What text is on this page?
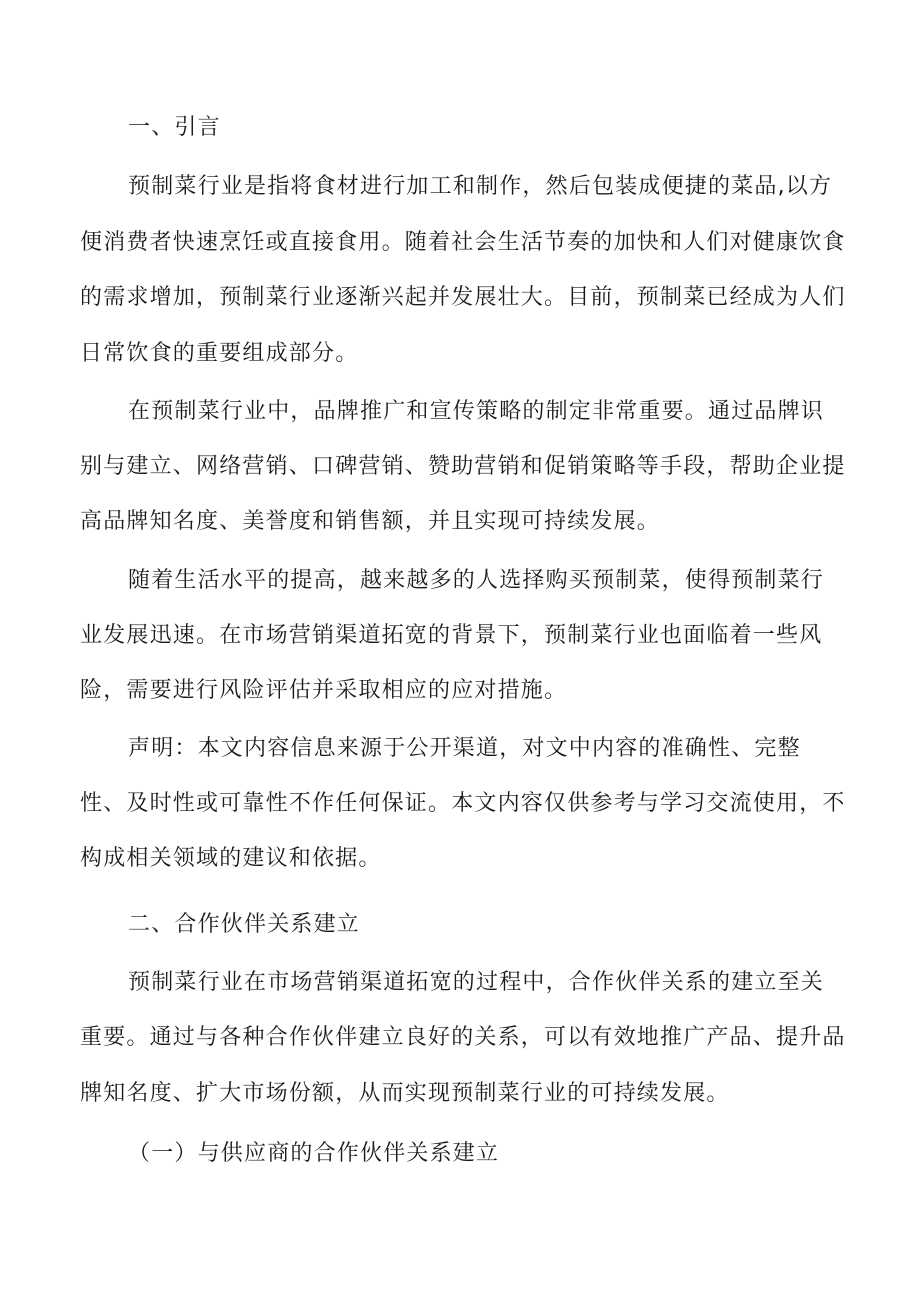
一、引言
预制菜行业是指将食材进行加工和制作，然后包装成便捷的菜品,以方
便消费者快速烹饪或直接食用。随着社会生活节奏的加快和人们对健康饮食
的需求增加，预制菜行业逐渐兴起并发展壮大。目前，预制菜已经成为人们
日常饮食的重要组成部分。
在预制菜行业中，品牌推广和宣传策略的制定非常重要。通过品牌识
别与建立、网络营销、口碑营销、赞助营销和促销策略等手段，帮助企业提
高品牌知名度、美誉度和销售额，并且实现可持续发展。
随着生活水平的提高，越来越多的人选择购买预制菜，使得预制菜行
业发展迅速。在市场营销渠道拓宽的背景下，预制菜行业也面临着一些风
险，需要进行风险评估并采取相应的应对措施。
声明：本文内容信息来源于公开渠道，对文中内容的准确性、完整
性、及时性或可靠性不作任何保证。本文内容仅供参考与学习交流使用，不
构成相关领域的建议和依据。
二、合作伙伴关系建立
预制菜行业在市场营销渠道拓宽的过程中，合作伙伴关系的建立至关
重要。通过与各种合作伙伴建立良好的关系，可以有效地推广产品、提升品
牌知名度、扩大市场份额，从而实现预制菜行业的可持续发展。
（一）与供应商的合作伙伴关系建立
